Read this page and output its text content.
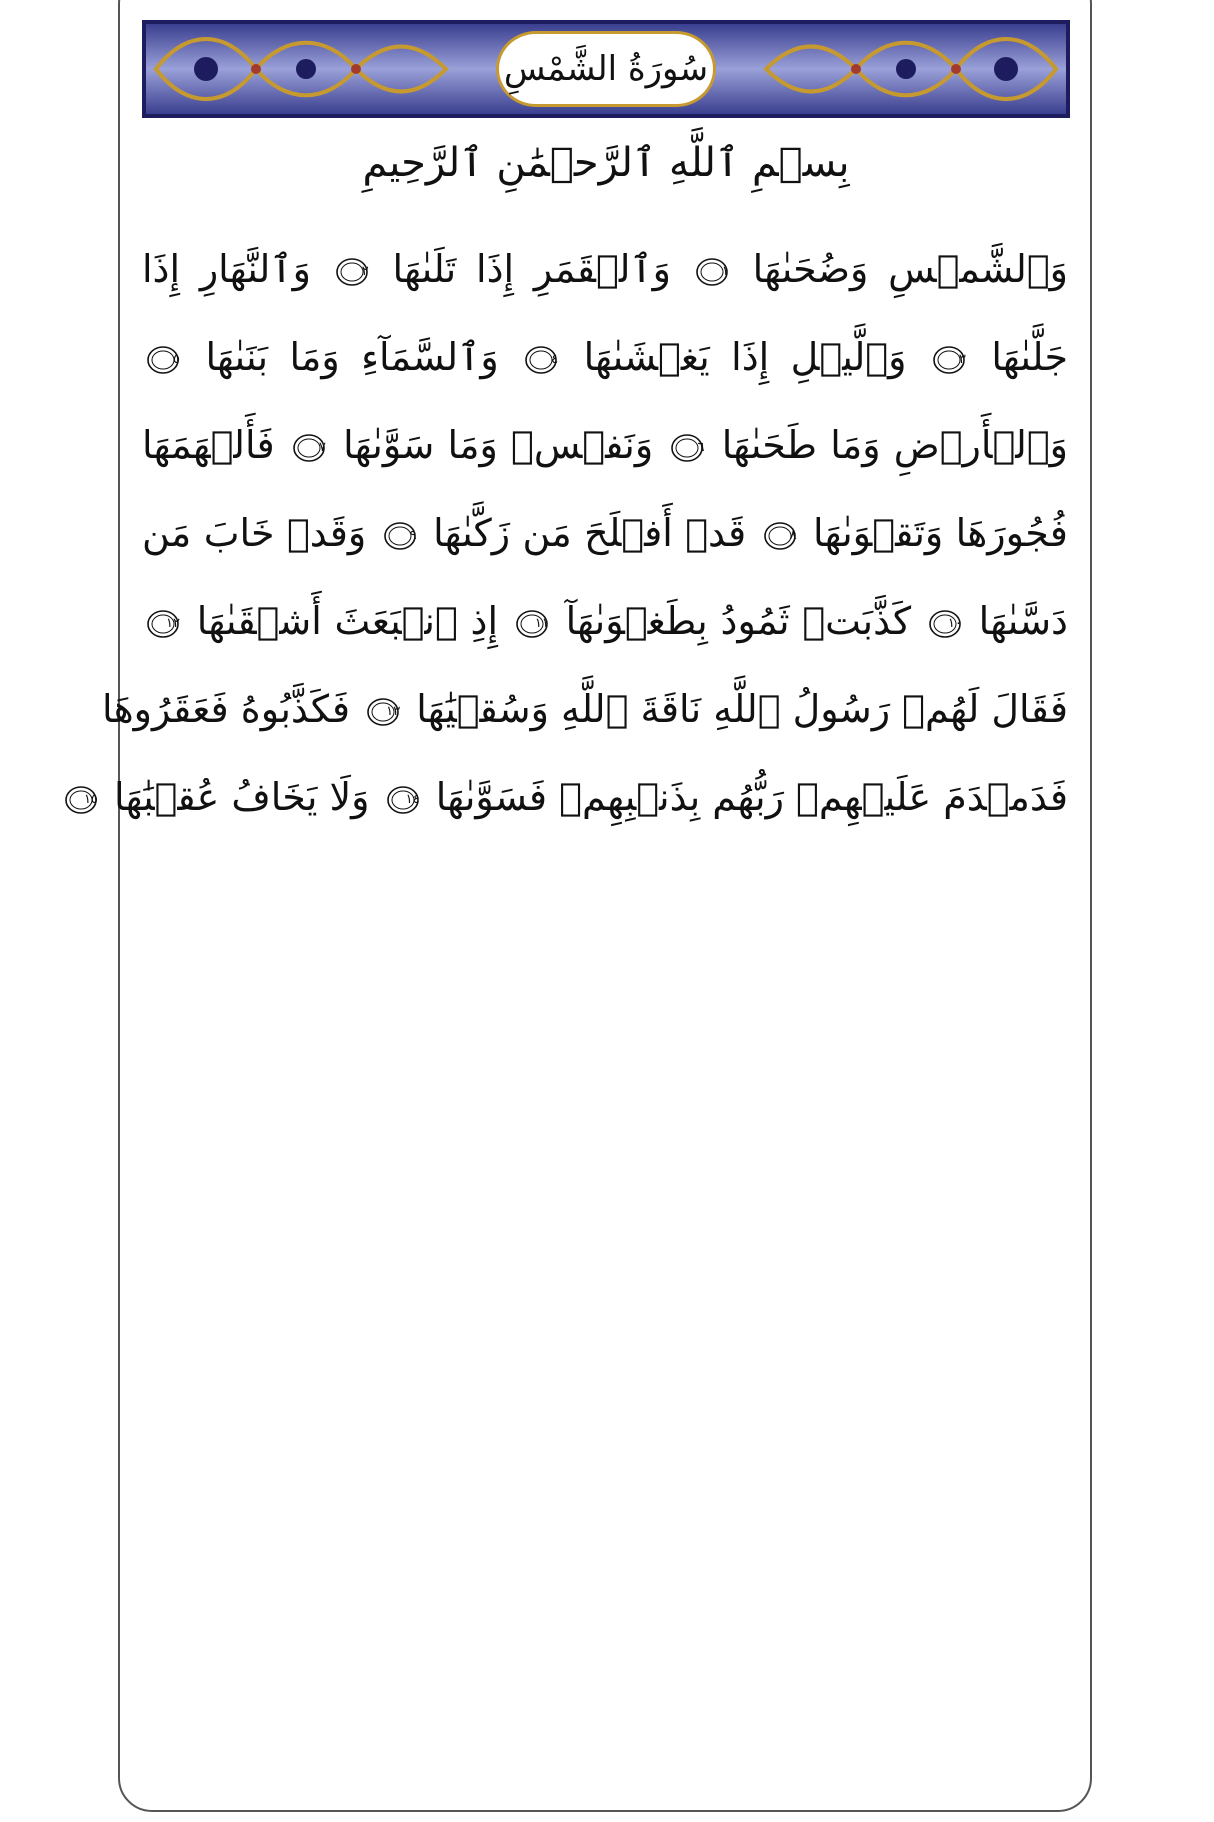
سُورَةُ الشَّمْسِ
بِسۡمِ ٱللَّهِ ٱلرَّحۡمَٰنِ ٱلرَّحِيمِ
وَٱلشَّمۡسِ وَضُحَىٰهَا
١
وَٱلۡقَمَرِ إِذَا تَلَىٰهَا
٢
وَٱلنَّهَارِ إِذَا
جَلَّىٰهَا
٣
وَٱلَّيۡلِ إِذَا يَغۡشَىٰهَا
٤
وَٱلسَّمَآءِ وَمَا بَنَىٰهَا
٥
وَٱلۡأَرۡضِ وَمَا طَحَىٰهَا
٦
وَنَفۡسٖ وَمَا سَوَّىٰهَا
٧
فَأَلۡهَمَهَا
فُجُورَهَا وَتَقۡوَىٰهَا
٨
قَدۡ أَفۡلَحَ مَن زَكَّىٰهَا
٩
وَقَدۡ خَابَ مَن
دَسَّىٰهَا
١٠
كَذَّبَتۡ ثَمُودُ بِطَغۡوَىٰهَآ
١١
إِذِ ٱنۢبَعَثَ أَشۡقَىٰهَا
١٢
فَقَالَ لَهُمۡ رَسُولُ ٱللَّهِ نَاقَةَ ٱللَّهِ وَسُقۡيَٰهَا
١٣
فَكَذَّبُوهُ فَعَقَرُوهَا
فَدَمۡدَمَ عَلَيۡهِمۡ رَبُّهُم بِذَنۢبِهِمۡ فَسَوَّىٰهَا
١٤
وَلَا يَخَافُ عُقۡبَٰهَا
١٥
